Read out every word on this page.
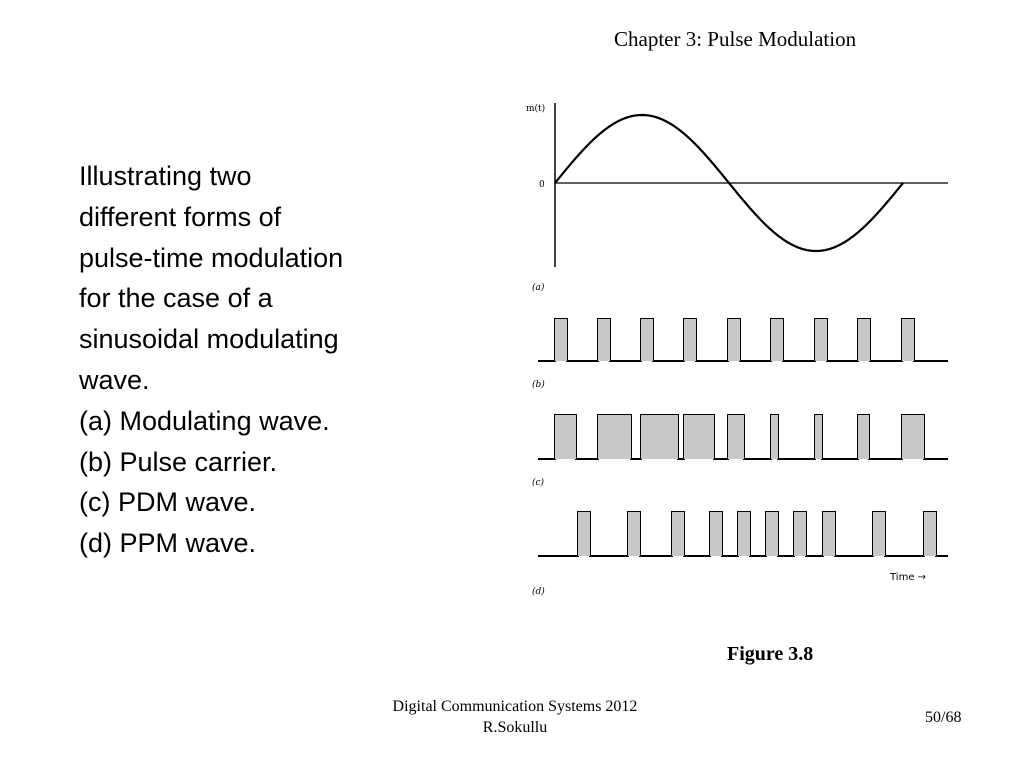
Chapter 3: Pulse Modulation
Illustrating two
different forms of
pulse-time modulation
for the case of a
sinusoidal modulating
wave.
(a) Modulating wave.
(b) Pulse carrier.
(c) PDM wave.
(d) PPM wave.
m(t)
0
(a)
(b)
(c)
Time →
(d)
Figure 3.8
Digital Communication Systems 2012
R.Sokullu
50/68
